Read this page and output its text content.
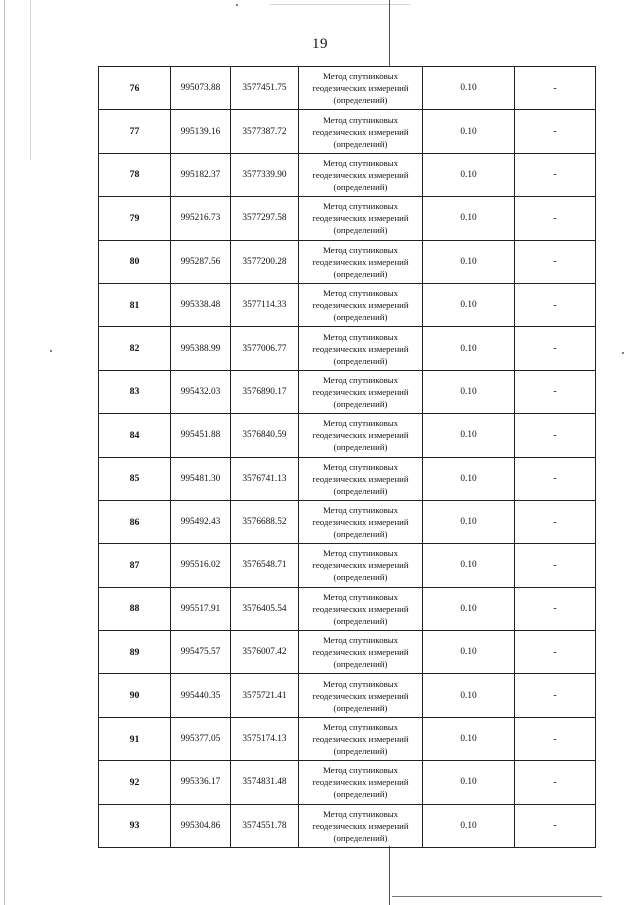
19
76	995073.88	3577451.75	Метод спутниковых
геодезических измерений
(определений)	0.10	-
77	995139.16	3577387.72	Метод спутниковых
геодезических измерений
(определений)	0.10	-
78	995182.37	3577339.90	Метод спутниковых
геодезических измерений
(определений)	0.10	-
79	995216.73	3577297.58	Метод спутниковых
геодезических измерений
(определений)	0.10	-
80	995287.56	3577200.28	Метод спутниковых
геодезических измерений
(определений)	0.10	-
81	995338.48	3577114.33	Метод спутниковых
геодезических измерений
(определений)	0.10	-
82	995388.99	3577006.77	Метод спутниковых
геодезических измерений
(определений)	0.10	-
83	995432.03	3576890.17	Метод спутниковых
геодезических измерений
(определений)	0.10	-
84	995451.88	3576840.59	Метод спутниковых
геодезических измерений
(определений)	0.10	-
85	995481.30	3576741.13	Метод спутниковых
геодезических измерений
(определений)	0.10	-
86	995492.43	3576688.52	Метод спутниковых
геодезических измерений
(определений)	0.10	-
87	995516.02	3576548.71	Метод спутниковых
геодезических измерений
(определений)	0.10	-
88	995517.91	3576405.54	Метод спутниковых
геодезических измерений
(определений)	0.10	-
89	995475.57	3576007.42	Метод спутниковых
геодезических измерений
(определений)	0.10	-
90	995440.35	3575721.41	Метод спутниковых
геодезических измерений
(определений)	0.10	-
91	995377.05	3575174.13	Метод спутниковых
геодезических измерений
(определений)	0.10	-
92	995336.17	3574831.48	Метод спутниковых
геодезических измерений
(определений)	0.10	-
93	995304.86	3574551.78	Метод спутниковых
геодезических измерений
(определений)	0.10	-
